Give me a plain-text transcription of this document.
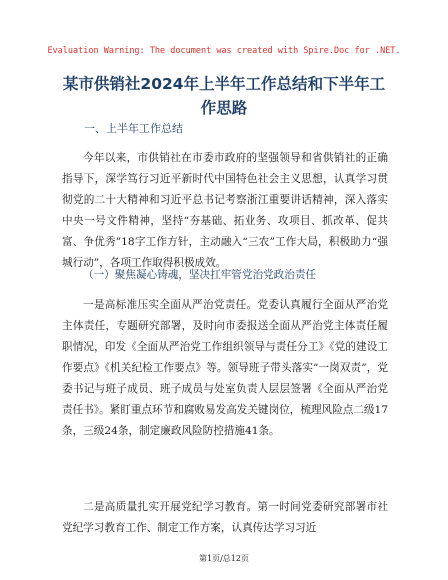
Evaluation Warning: The document was created with Spire.Doc for .NET.
某市供销社2024年上半年工作总结和下半年工作思路
一、上半年工作总结

今年以来，市供销社在市委市政府的坚强领导和省供销社的正确指导下，深学笃行习近平新时代中国特色社会主义思想，认真学习贯彻党的二十大精神和习近平总书记考察浙江重要讲话精神，深入落实中央一号文件精神，坚持“夯基础、拓业务、攻项目、抓改革、促共富、争优秀”18字工作方针，主动融入“三农”工作大局，积极助力“强城行动”，各项工作取得积极成效。

（一）聚焦凝心铸魂，坚决扛牢管党治党政治责任

一是高标准压实全面从严治党责任。党委认真履行全面从严治党主体责任，专题研究部署，及时向市委报送全面从严治党主体责任履职情况，印发《全面从严治党工作组织领导与责任分工》《党的建设工作要点》《机关纪检工作要点》等。领导班子带头落实“一岗双责”，党委书记与班子成员、班子成员与处室负责人层层签署《全面从严治党责任书》。紧盯重点环节和腐败易发高发关键岗位，梳理风险点二级17条，三级24条，制定廉政风险防控措施41条。

二是高质量扎实开展党纪学习教育。第一时间党委研究部署市社党纪学习教育工作、制定工作方案，认真传达学习习近

第1页/总12页
